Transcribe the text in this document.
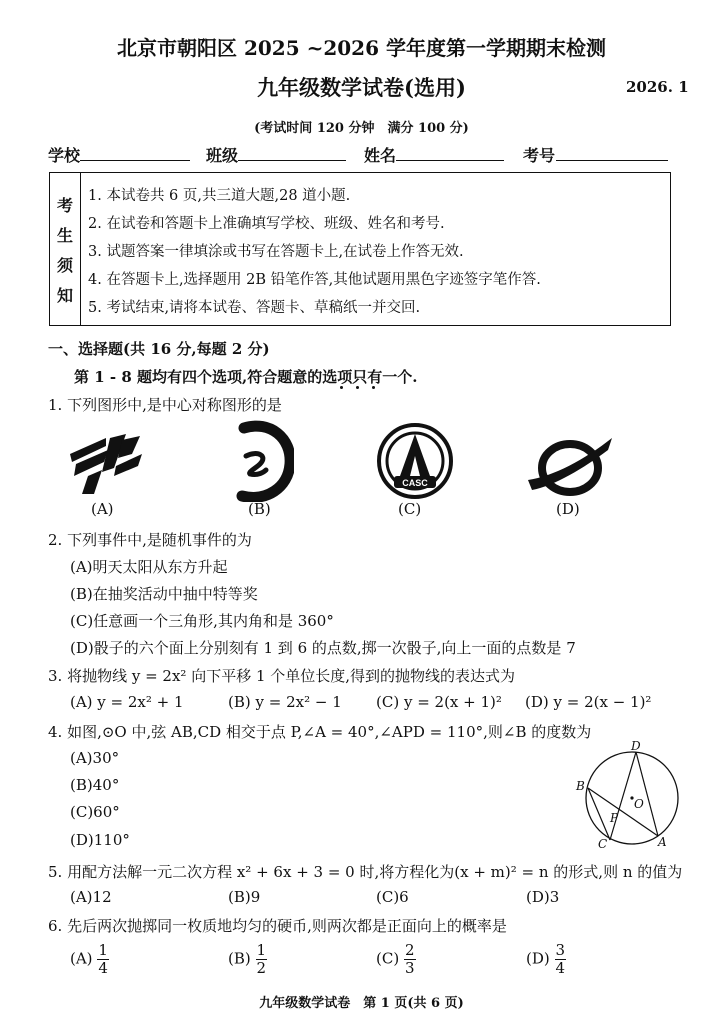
北京市朝阳区 2025 ~2026 学年度第一学期期末检测
九年级数学试卷(选用)	2026. 1
(考试时间 120 分钟　满分 100 分)
学校	班级	姓名	考号
考
生
须
知
1. 本试卷共 6 页,共三道大题,28 道小题.
2. 在试卷和答题卡上准确填写学校、班级、姓名和考号.
3. 试题答案一律填涂或书写在答题卡上,在试卷上作答无效.
4. 在答题卡上,选择题用 2B 铅笔作答,其他试题用黑色字迹签字笔作答.
5. 考试结束,请将本试卷、答题卡、草稿纸一并交回.
一、选择题(共 16 分,每题 2 分)
第 1 - 8 题均有四个选项,符合题意的选项只有一个.
1. 下列图形中,是中心对称图形的是
CASC
(A)	(B)	(C)	(D)
2. 下列事件中,是随机事件的为
(A)明天太阳从东方升起
(B)在抽奖活动中抽中特等奖
(C)任意画一个三角形,其内角和是 360°
(D)骰子的六个面上分别刻有 1 到 6 的点数,掷一次骰子,向上一面的点数是 7
3. 将抛物线 y = 2x² 向下平移 1 个单位长度,得到的抛物线的表达式为
(A) y = 2x² + 1	(B) y = 2x² − 1 (C) y = 2(x + 1)² (D) y = 2(x − 1)²
4. 如图,⊙O 中,弦 AB,CD 相交于点 P,∠A = 40°,∠APD = 110°,则∠B 的度数为
(A)30°
(B)40°
(C)60°
(D)110°
D
B
O
P
C	A
5. 用配方法解一元二次方程 x² + 6x + 3 = 0 时,将方程化为(x + m)² = n 的形式,则 n 的值为
(A)12	(B)9	(C)6	(D)3
6. 先后两次抛掷同一枚质地均匀的硬币,则两次都是正面向上的概率是
$(A) \frac{1}{4}$	$(B) \frac{1}{2}$	$(C) \frac{2}{3}$	$(D) \frac{3}{4}$
九年级数学试卷　第 1 页(共 6 页)
